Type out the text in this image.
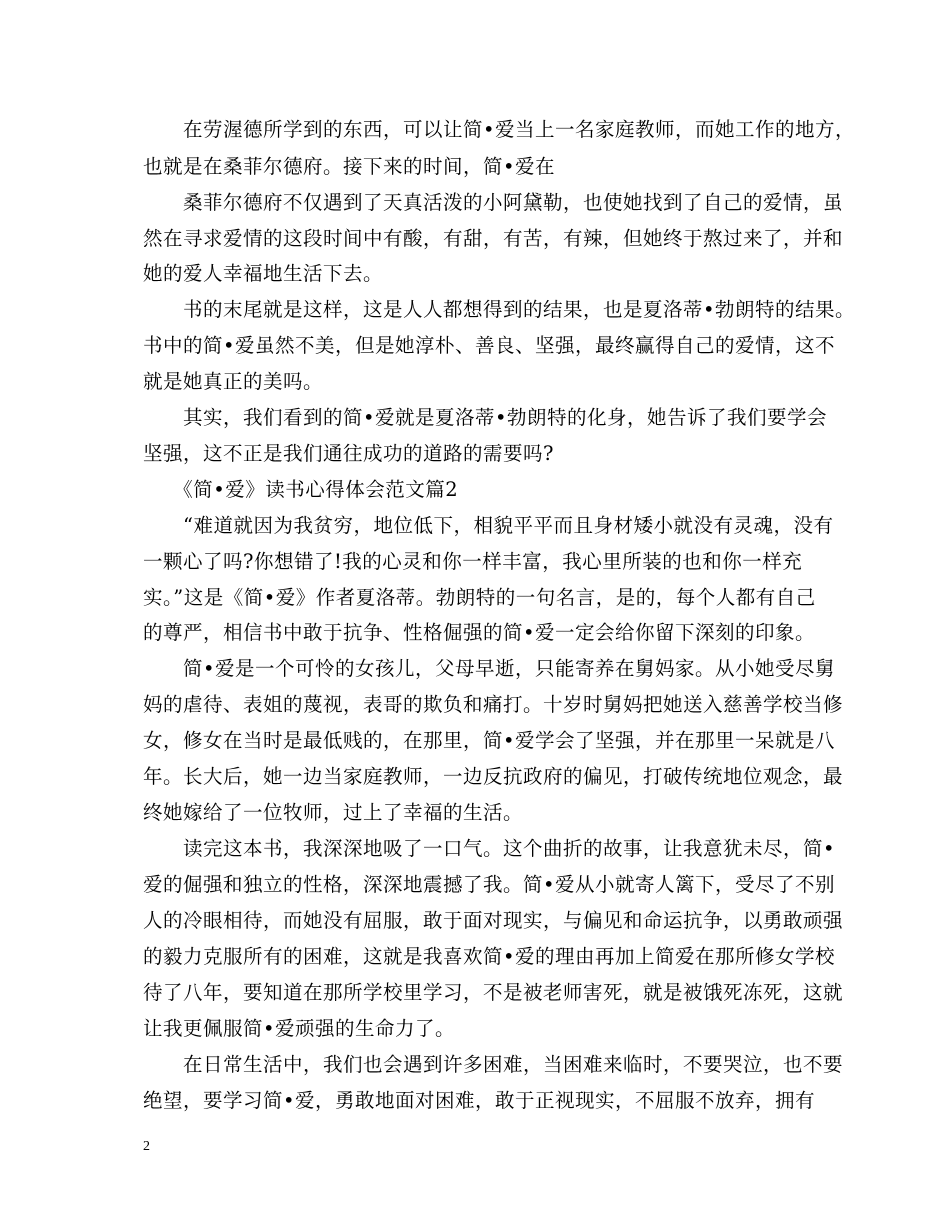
　　在劳渥德所学到的东西，可以让简•爱当上一名家庭教师，而她工作的地方，
也就是在桑菲尔德府。接下来的时间，简•爱在
　　桑菲尔德府不仅遇到了天真活泼的小阿黛勒，也使她找到了自己的爱情，虽
然在寻求爱情的这段时间中有酸，有甜，有苦，有辣，但她终于熬过来了，并和
她的爱人幸福地生活下去。
　　书的末尾就是这样，这是人人都想得到的结果，也是夏洛蒂•勃朗特的结果。
书中的简•爱虽然不美，但是她淳朴、善良、坚强，最终赢得自己的爱情，这不
就是她真正的美吗。
　　其实，我们看到的简•爱就是夏洛蒂•勃朗特的化身，她告诉了我们要学会
坚强，这不正是我们通往成功的道路的需要吗?
　　《简•爱》读书心得体会范文篇2
　　“难道就因为我贫穷，地位低下，相貌平平而且身材矮小就没有灵魂，没有
一颗心了吗?你想错了!我的心灵和你一样丰富，我心里所装的也和你一样充
实。”这是《简•爱》作者夏洛蒂。勃朗特的一句名言，是的，每个人都有自己
的尊严，相信书中敢于抗争、性格倔强的简•爱一定会给你留下深刻的印象。
　　简•爱是一个可怜的女孩儿，父母早逝，只能寄养在舅妈家。从小她受尽舅
妈的虐待、表姐的蔑视，表哥的欺负和痛打。十岁时舅妈把她送入慈善学校当修
女，修女在当时是最低贱的，在那里，简•爱学会了坚强，并在那里一呆就是八
年。长大后，她一边当家庭教师，一边反抗政府的偏见，打破传统地位观念，最
终她嫁给了一位牧师，过上了幸福的生活。
　　读完这本书，我深深地吸了一口气。这个曲折的故事，让我意犹未尽，简•
爱的倔强和独立的性格，深深地震撼了我。简•爱从小就寄人篱下，受尽了不别
人的冷眼相待，而她没有屈服，敢于面对现实，与偏见和命运抗争，以勇敢顽强
的毅力克服所有的困难，这就是我喜欢简•爱的理由再加上简爱在那所修女学校
待了八年，要知道在那所学校里学习，不是被老师害死，就是被饿死冻死，这就
让我更佩服简•爱顽强的生命力了。
　　在日常生活中，我们也会遇到许多困难，当困难来临时，不要哭泣，也不要
绝望，要学习简•爱，勇敢地面对困难，敢于正视现实，不屈服不放弃，拥有
2
